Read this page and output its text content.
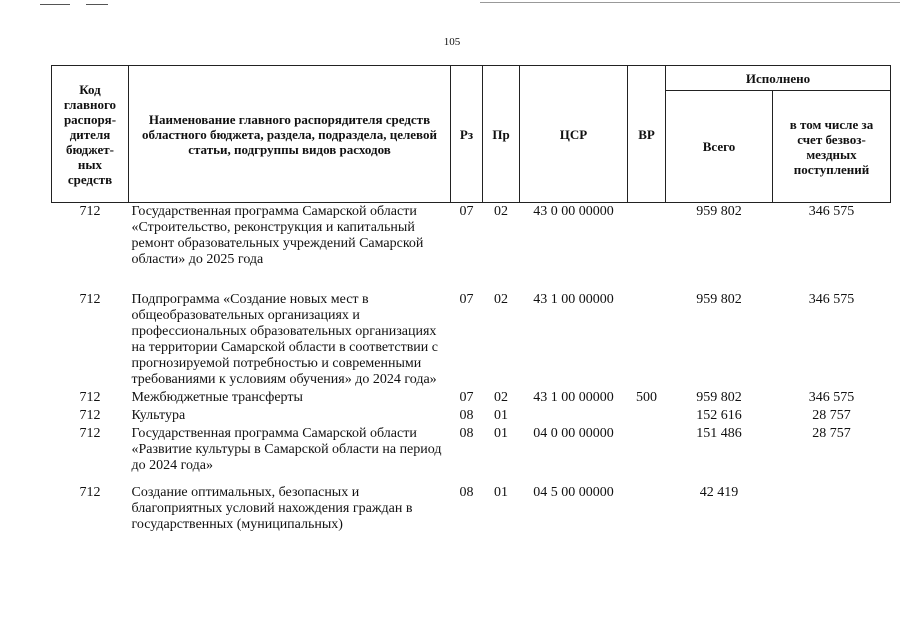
105
Код главного распоря-дителя бюджет-ных средств	Наименование главного распорядителя средств областного бюджета, раздела, подраздела, целевой статьи, подгруппы видов расходов	Рз	Пр	ЦСР	ВР	Исполнено	
						Всего	в том числе за счет безвоз-мездных поступлений
712	Государственная программа Самарской области «Строительство, реконструкция и капитальный ремонт образовательных учреждений Самарской области» до 2025 года	07	02	43 0 00 00000		959 802	346 575

712	Подпрограмма «Создание новых мест в общеобразовательных организациях и профессиональных образовательных организациях на территории Самарской области в соответствии с прогнозируемой потребностью и современными требованиями к условиям обучения» до 2024 года»	07	02	43 1 00 00000		959 802	346 575
712	Межбюджетные трансферты	07	02	43 1 00 00000	500	959 802	346 575
712	Культура	08	01			152 616	28 757
712	Государственная программа Самарской области «Развитие культуры в Самарской области на период до 2024 года»	08	01	04 0 00 00000		151 486	28 757

712	Создание оптимальных, безопасных и благоприятных условий нахождения граждан в государственных (муниципальных)	08	01	04 5 00 00000		42 419	
